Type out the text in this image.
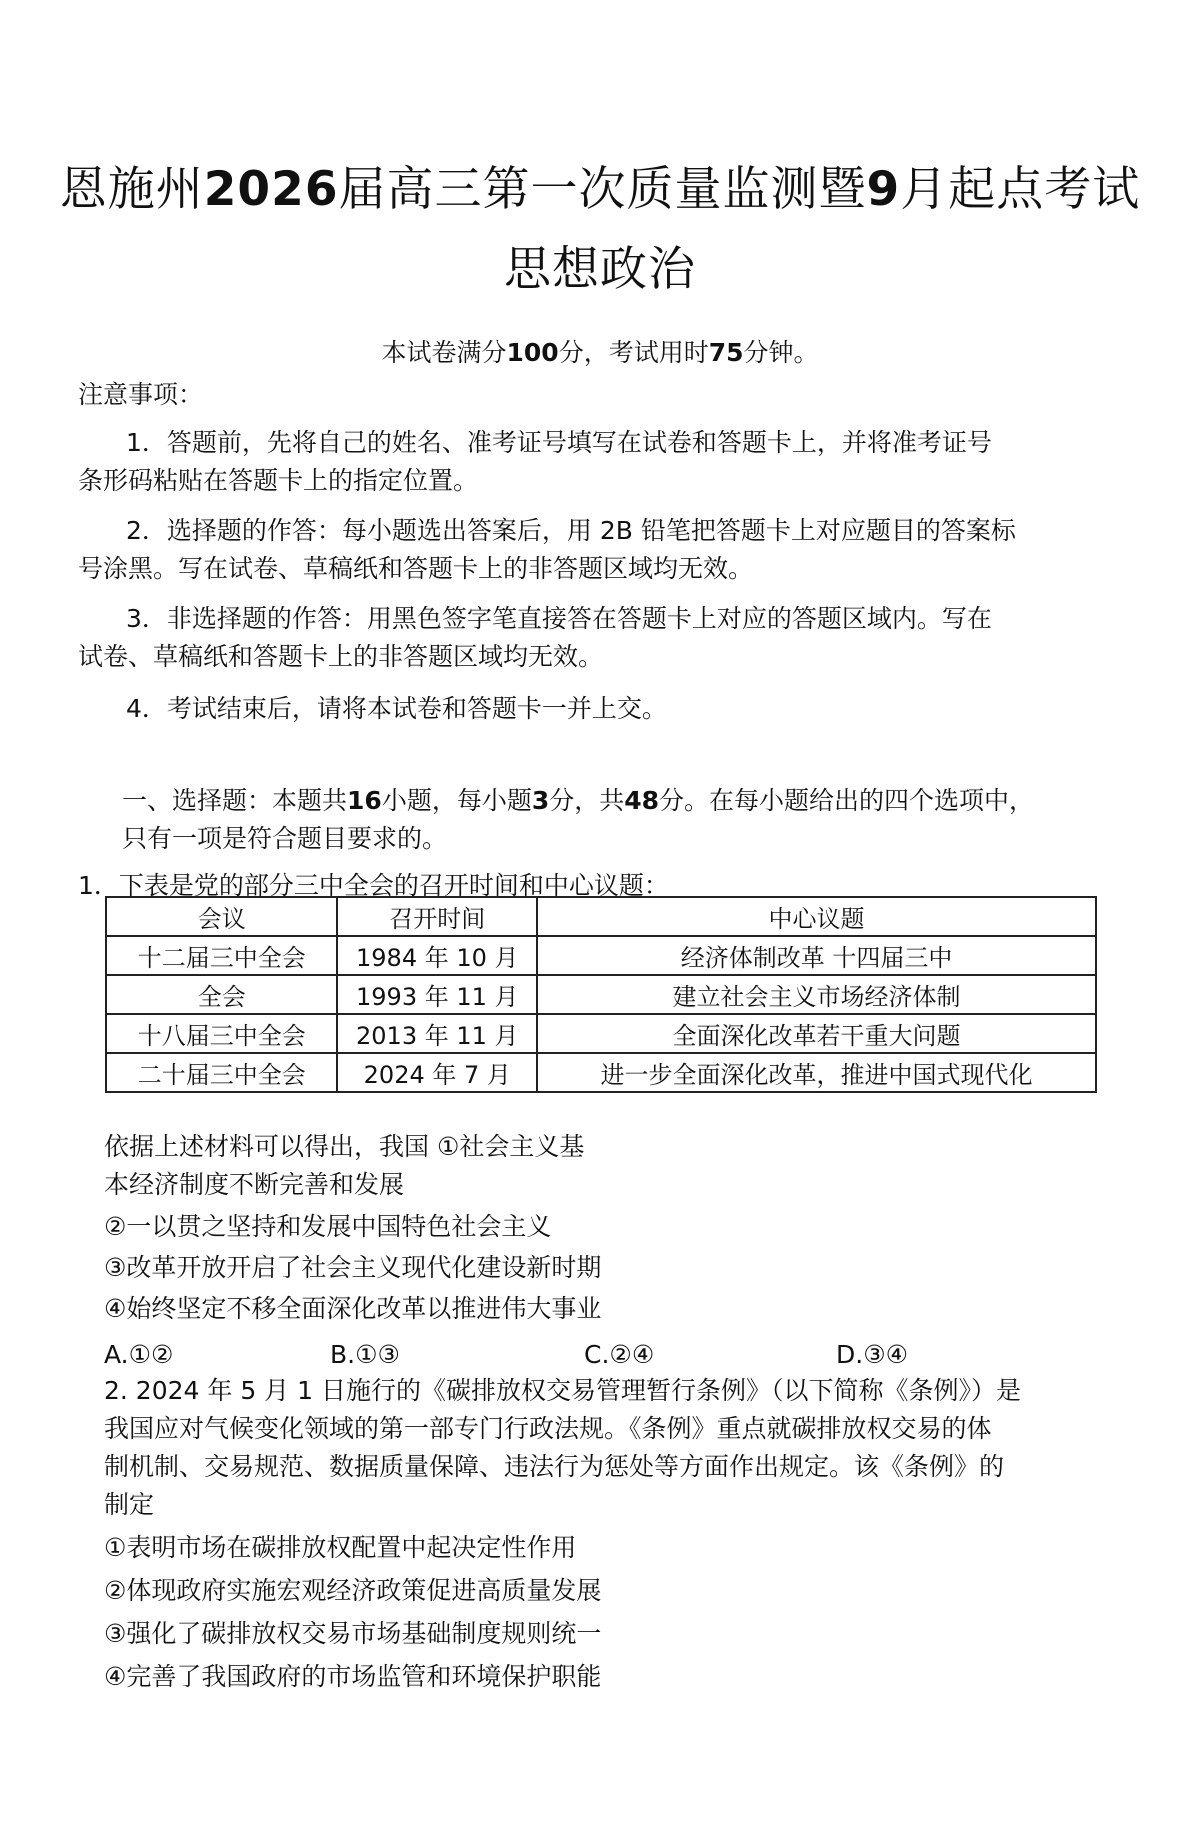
恩施州2026届高三第一次质量监测暨9月起点考试
思想政治
本试卷满分100分，考试用时75分钟。
注意事项：
1．答题前，先将自己的姓名、准考证号填写在试卷和答题卡上，并将准考证号
条形码粘贴在答题卡上的指定位置。
2．选择题的作答：每小题选出答案后，用 2B 铅笔把答题卡上对应题目的答案标
号涂黑。写在试卷、草稿纸和答题卡上的非答题区域均无效。
3．非选择题的作答：用黑色签字笔直接答在答题卡上对应的答题区域内。写在
试卷、草稿纸和答题卡上的非答题区域均无效。
4．考试结束后，请将本试卷和答题卡一并上交。
一、选择题：本题共16小题，每小题3分，共48分。在每小题给出的四个选项中，
只有一项是符合题目要求的。
1．下表是党的部分三中全会的召开时间和中心议题：
会议	召开时间	中心议题
十二届三中全会	1984 年 10 月	经济体制改革 十四届三中
全会	1993 年 11 月	建立社会主义市场经济体制
十八届三中全会	2013 年 11 月	全面深化改革若干重大问题
二十届三中全会	2024 年 7 月	进一步全面深化改革，推进中国式现代化
依据上述材料可以得出，我国 ①社会主义基
本经济制度不断完善和发展
②一以贯之坚持和发展中国特色社会主义
③改革开放开启了社会主义现代化建设新时期
④始终坚定不移全面深化改革以推进伟大事业
A.①②	B.①③	C.②④	D.③④
2. 2024 年 5 月 1 日施行的《碳排放权交易管理暂行条例》（以下简称《条例》）是
我国应对气候变化领域的第一部专门行政法规。《条例》重点就碳排放权交易的体
制机制、交易规范、数据质量保障、违法行为惩处等方面作出规定。该《条例》的
制定
①表明市场在碳排放权配置中起决定性作用
②体现政府实施宏观经济政策促进高质量发展
③强化了碳排放权交易市场基础制度规则统一
④完善了我国政府的市场监管和环境保护职能
